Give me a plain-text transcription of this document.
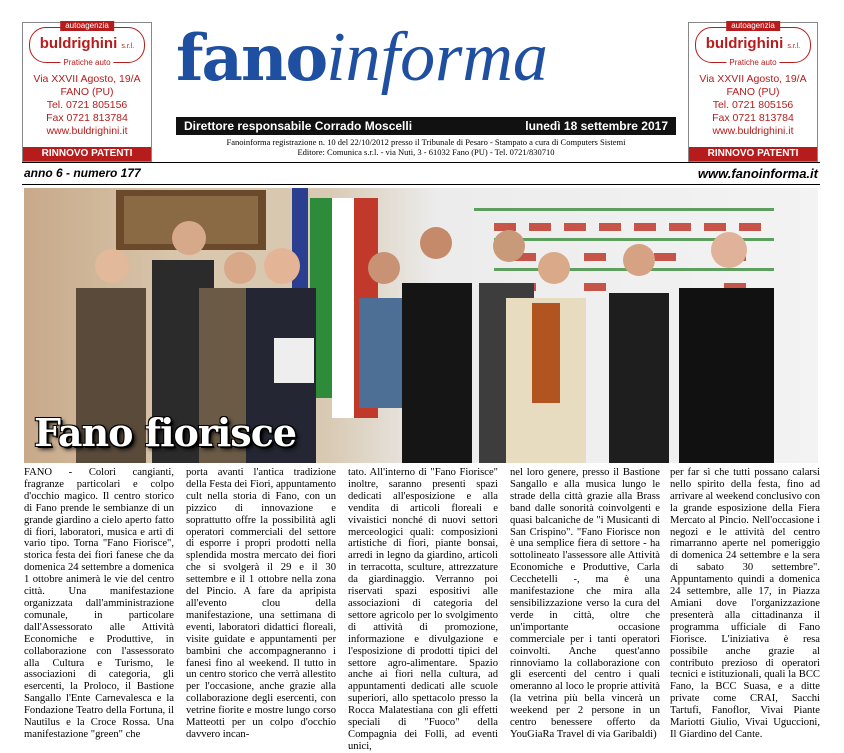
autoagenzia
buldrighini s.r.l.
Pratiche auto
Via XXVII Agosto, 19/A
FANO (PU)
Tel. 0721 805156
Fax 0721 813784
www.buldrighini.it
RINNOVO PATENTI
autoagenzia
buldrighini s.r.l.
Pratiche auto
Via XXVII Agosto, 19/A
FANO (PU)
Tel. 0721 805156
Fax 0721 813784
www.buldrighini.it
RINNOVO PATENTI
fanoinforma
Direttore responsabile Corrado Moscelli	lunedì 18 settembre 2017
Fanoinforma registrazione n. 10 del 22/10/2012 presso il Tribunale di Pesaro - Stampato a cura di Computers Sistemi
Editore: Comunica s.r.l. - via Nuti, 3 - 61032 Fano (PU) - Tel. 0721/830710
anno 6 - numero 177	www.fanoinforma.it
Fano fiorisce

FANO - Colori cangianti, fragranze particolari e colpo d'occhio magico. Il centro storico di Fano prende le sembianze di un grande giardino a cielo aperto fatto di fiori, laboratori, musica e arti di vario tipo. Torna "Fano Fiorisce", storica festa dei fiori fanese che da domenica 24 settembre a domenica 1 ottobre animerà le vie del centro città. Una manifestazione organizzata dall'amministrazione comunale, in particolare dall'Assessorato alle Attività Economiche e Produttive, in collaborazione con l'assessorato alla Cultura e Turismo, le associazioni di categoria, gli esercenti, la Proloco, il Bastione Sangallo l'Ente Carnevalesca e la Fondazione Teatro della Fortuna, il Nautilus e la Croce Rossa. Una manifestazione "green" che

porta avanti l'antica tradizione della Festa dei Fiori, appuntamento cult nella storia di Fano, con un pizzico di innovazione e soprattutto offre la possibilità agli operatori commerciali del settore di esporre i propri prodotti nella splendida mostra mercato dei fiori che si svolgerà il 29 e il 30 settembre e il 1 ottobre nella zona del Pincio. A fare da apripista all'evento clou della manifestazione, una settimana di eventi, laboratori didattici floreali, visite guidate e appuntamenti per bambini che accompagneranno i fanesi fino al weekend. Il tutto in un centro storico che verrà allestito per l'occasione, anche grazie alla collaborazione degli esercenti, con vetrine fiorite e mostre lungo corso Matteotti per un colpo d'occhio davvero incan-

tato. All'interno di "Fano Fiorisce" inoltre, saranno presenti spazi dedicati all'esposizione e alla vendita di articoli floreali e vivaistici nonché di nuovi settori merceologici quali: composizioni artistiche di fiori, piante bonsai, arredi in legno da giardino, articoli in terracotta, sculture, attrezzature da giardinaggio. Verranno poi riservati spazi espositivi alle associazioni di categoria del settore agricolo per lo svolgimento di attività di promozione, informazione e divulgazione e l'esposizione di prodotti tipici del settore agro-alimentare. Spazio anche ai fiori nella cultura, ad appuntamenti dedicati alle scuole superiori, allo spettacolo presso la Rocca Malatestiana con gli effetti speciali di "Fuoco" della Compagnia dei Folli, ad eventi unici,

nel loro genere, presso il Bastione Sangallo e alla musica lungo le strade della città grazie alla Brass band dalle sonorità coinvolgenti e quasi balcaniche de "i Musicanti di San Crispino". "Fano Fiorisce non è una semplice fiera di settore - ha sottolineato l'assessore alle Attività Economiche e Produttive, Carla Cecchetelli -, ma è una manifestazione che mira alla sensibilizzazione verso la cura del verde in città, oltre che un'importante occasione commerciale per i tanti operatori coinvolti. Anche quest'anno rinnoviamo la collaborazione con gli esercenti del centro i quali omeranno al loco le proprie attività (la vetrina più bella vincerà un weekend per 2 persone in un centro benessere offerto da YouGiaRa Travel di via Garibaldi)

per far sì che tutti possano calarsi nello spirito della festa, fino ad arrivare al weekend conclusivo con la grande esposizione della Fiera Mercato al Pincio. Nell'occasione i negozi e le attività del centro rimarranno aperte nel pomeriggio di domenica 24 settembre e la sera di sabato 30 settembre". Appuntamento quindi a domenica 24 settembre, alle 17, in Piazza Amiani dove l'organizzazione presenterà alla cittadinanza il programma ufficiale di Fano Fiorisce. L'iniziativa è resa possibile anche grazie al contributo prezioso di operatori tecnici e istituzionali, quali la BCC Fano, la BCC Suasa, e a ditte private come CRAI, Sacchi Tartufi, Fanoflor, Vivai Piante Mariotti Giulio, Vivai Uguccioni, Il Giardino del Cante.
